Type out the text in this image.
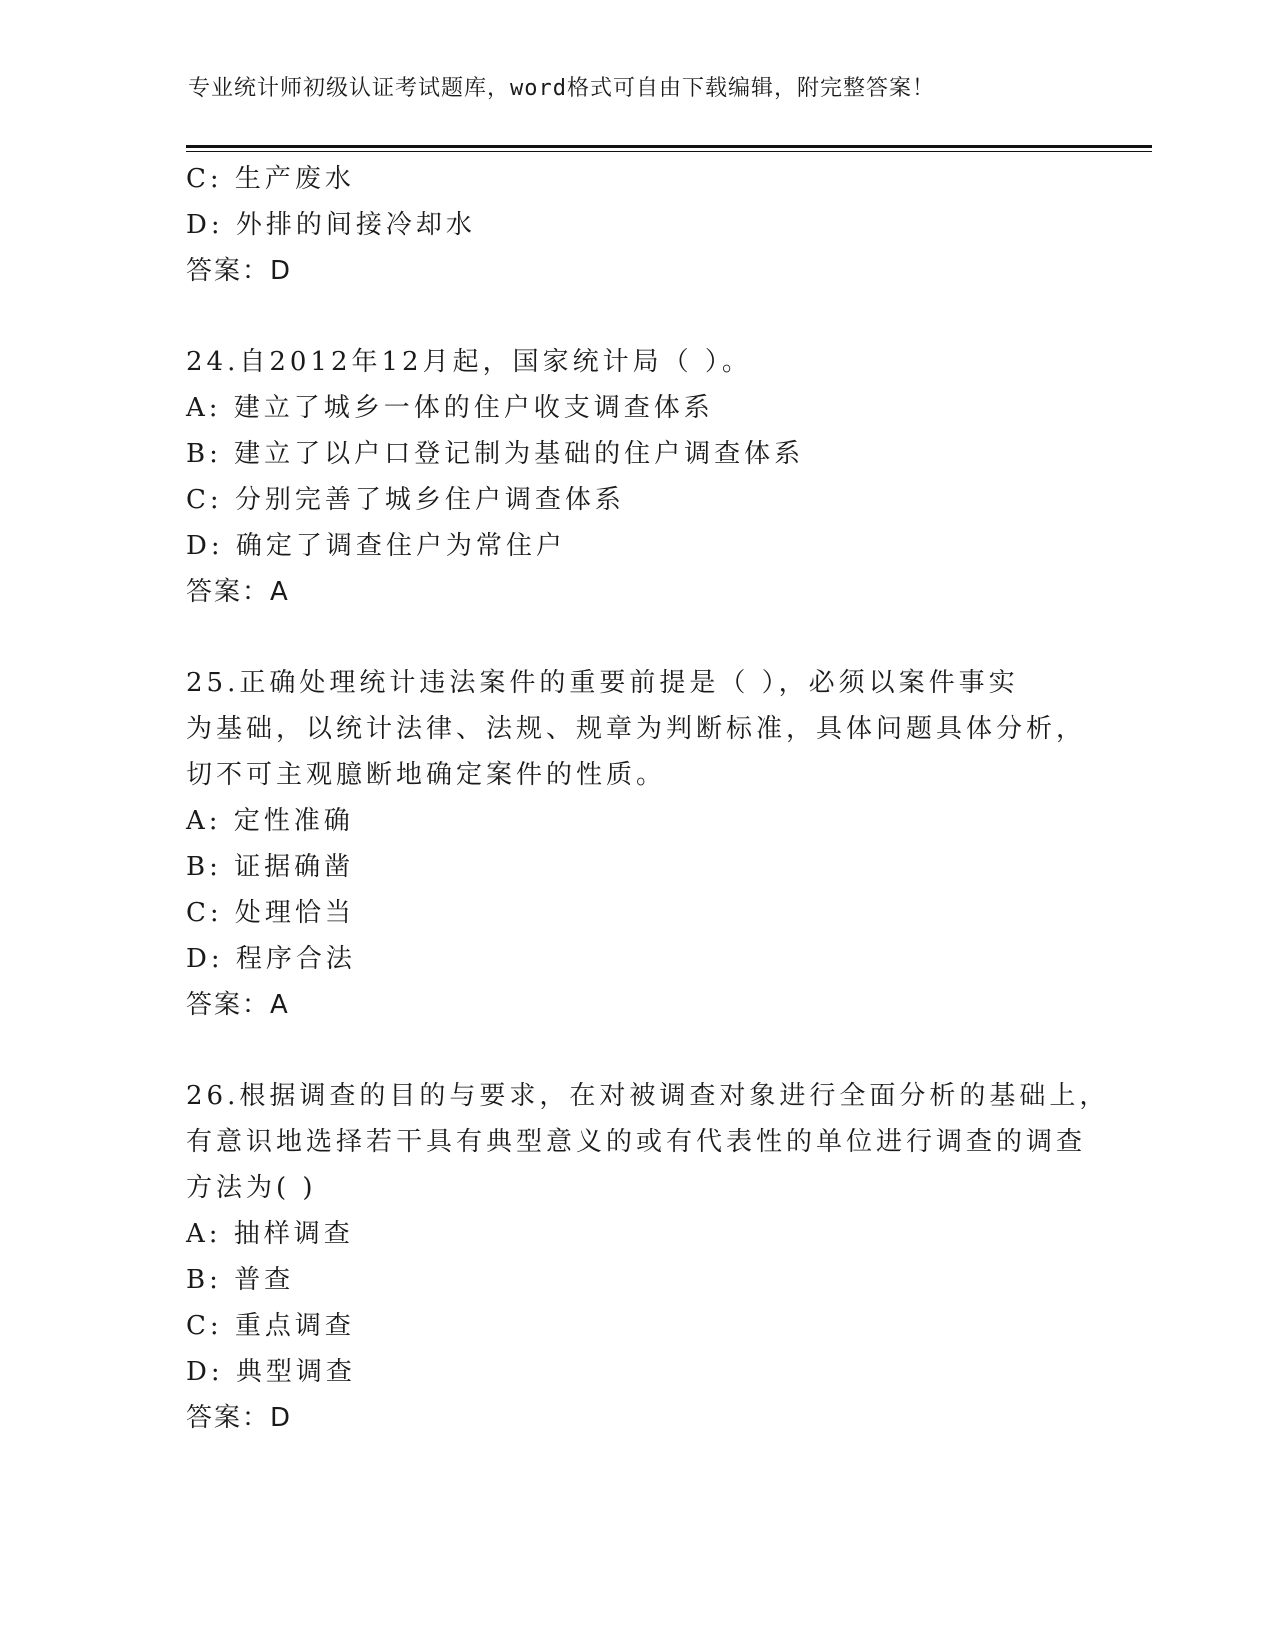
专业统计师初级认证考试题库，word格式可自由下载编辑，附完整答案！
C: 生产废水
D: 外排的间接冷却水
答案：D
24.自2012年12月起，国家统计局（ ）。
A: 建立了城乡一体的住户收支调查体系
B: 建立了以户口登记制为基础的住户调查体系
C: 分别完善了城乡住户调查体系
D: 确定了调查住户为常住户
答案：A
25.正确处理统计违法案件的重要前提是（ ），必须以案件事实
为基础，以统计法律、法规、规章为判断标准，具体问题具体分析，
切不可主观臆断地确定案件的性质。
A: 定性准确
B: 证据确凿
C: 处理恰当
D: 程序合法
答案：A
26.根据调查的目的与要求，在对被调查对象进行全面分析的基础上，
有意识地选择若干具有典型意义的或有代表性的单位进行调查的调查
方法为( )
A: 抽样调查
B: 普查
C: 重点调查
D: 典型调查
答案：D
